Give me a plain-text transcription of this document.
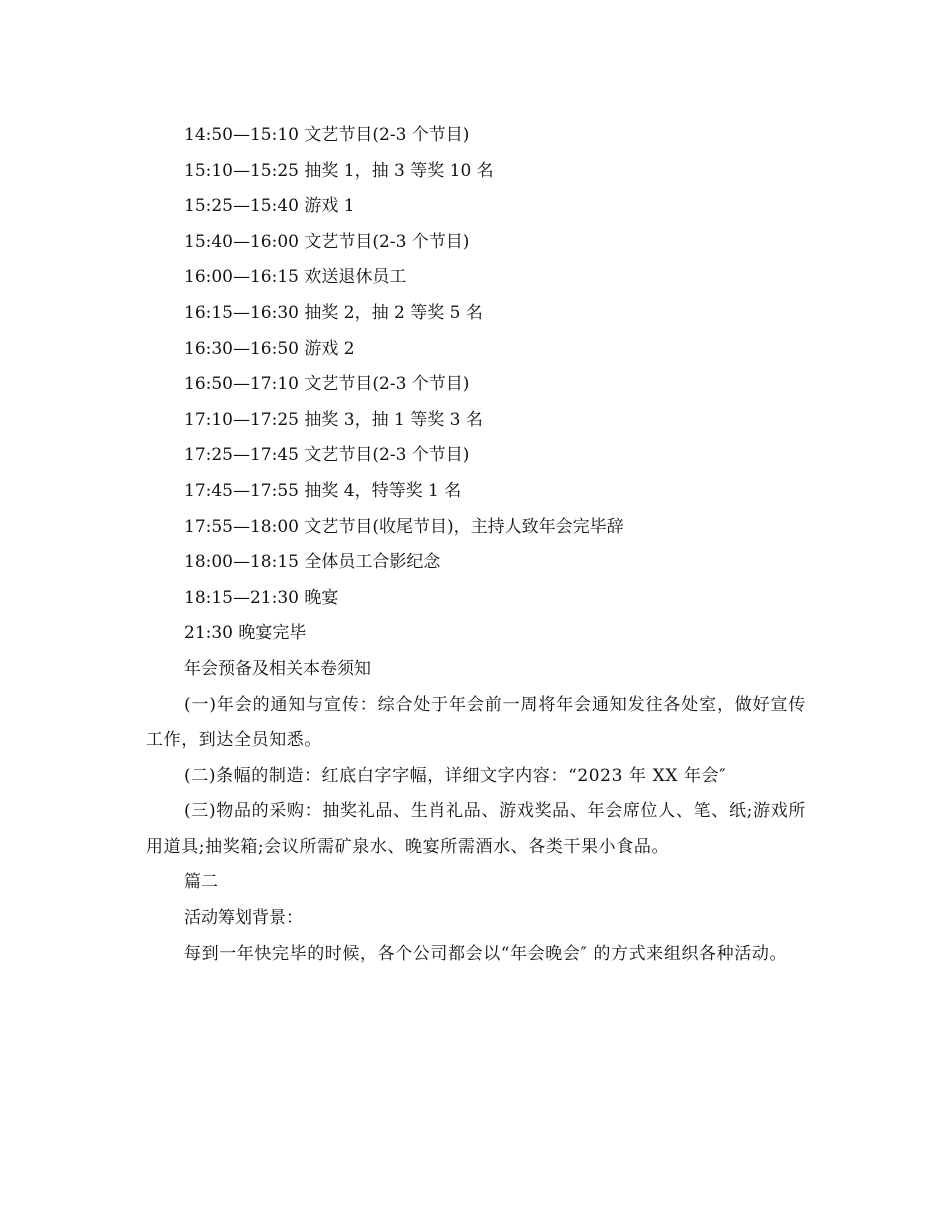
14:50—15:10 文艺节目(2-3 个节目)

15:10—15:25 抽奖 1，抽 3 等奖 10 名

15:25—15:40 游戏 1

15:40—16:00 文艺节目(2-3 个节目)

16:00—16:15 欢送退休员工

16:15—16:30 抽奖 2，抽 2 等奖 5 名

16:30—16:50 游戏 2

16:50—17:10 文艺节目(2-3 个节目)

17:10—17:25 抽奖 3，抽 1 等奖 3 名

17:25—17:45 文艺节目(2-3 个节目)

17:45—17:55 抽奖 4，特等奖 1 名

17:55—18:00 文艺节目(收尾节目)，主持人致年会完毕辞

18:00—18:15 全体员工合影纪念

18:15—21:30 晚宴

21:30 晚宴完毕

年会预备及相关本卷须知

(一)年会的通知与宣传：综合处于年会前一周将年会通知发往各处室，做好宣传工作，到达全员知悉。

(二)条幅的制造：红底白字字幅，详细文字内容：“2023 年 XX 年会″

(三)物品的采购：抽奖礼品、生肖礼品、游戏奖品、年会席位人、笔、纸;游戏所用道具;抽奖箱;会议所需矿泉水、晚宴所需酒水、各类干果小食品。

篇二

活动筹划背景：

每到一年快完毕的时候，各个公司都会以“年会晚会″ 的方式来组织各种活动。
